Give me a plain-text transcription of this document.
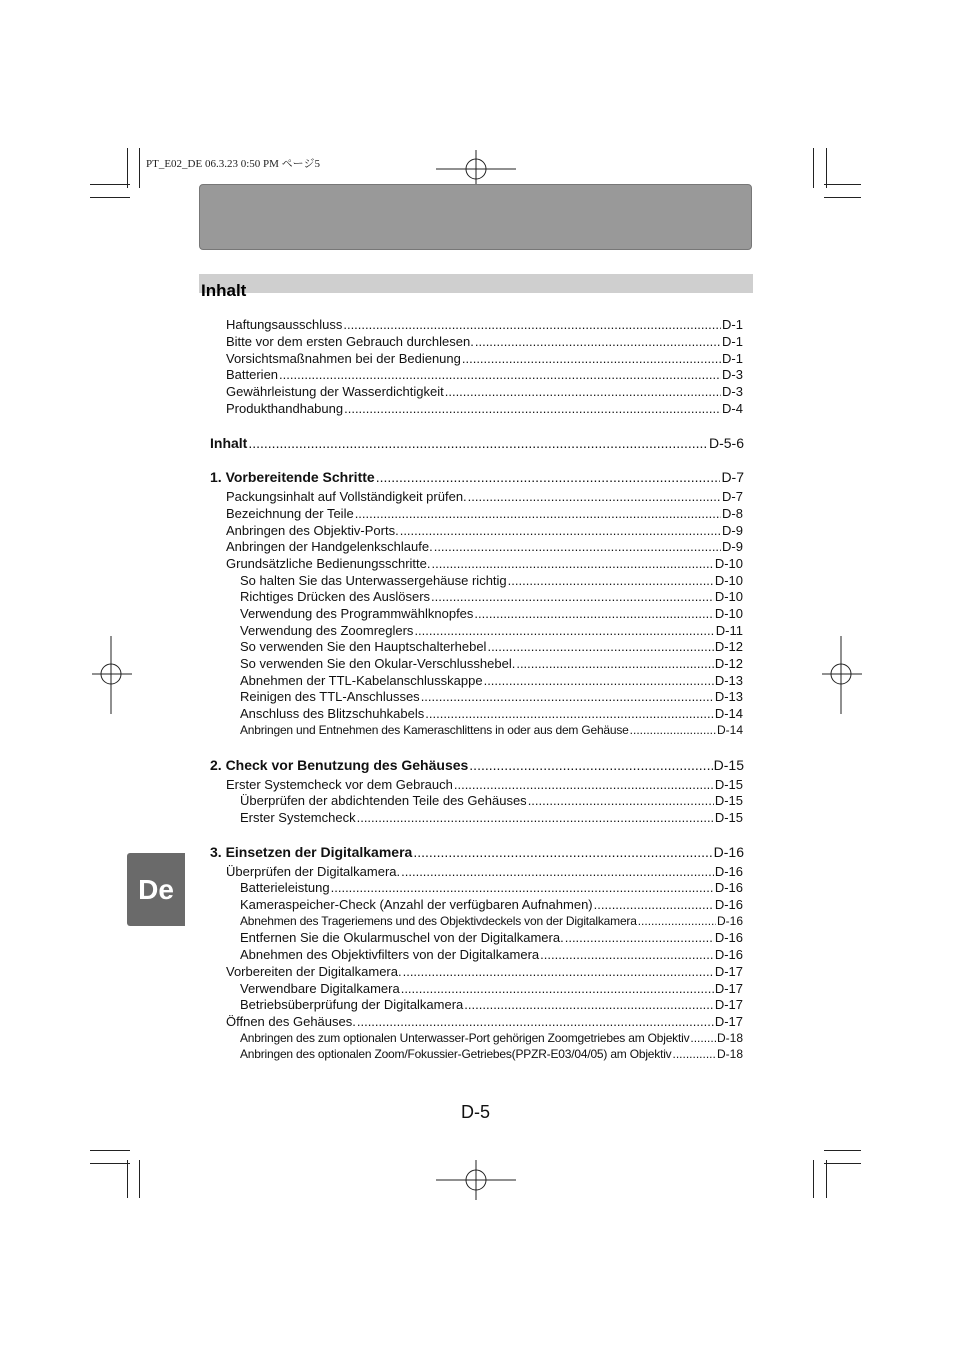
PT_E02_DE 06.3.23 0:50 PM ページ5
Inhalt
De
Haftungsausschluss .....	D-1
Bitte vor dem ersten Gebrauch durchlesen. .....	D-1
Vorsichtsmaßnahmen bei der Bedienung .....	D-1
Batterien .....	D-3
Gewährleistung der Wasserdichtigkeit .....	D-3
Produkthandhabung .....	D-4
Inhalt .....	D-5-6
1. Vorbereitende Schritte .....	D-7
Packungsinhalt auf Vollständigkeit prüfen. .....	D-7
Bezeichnung der Teile .....	D-8
Anbringen des Objektiv-Ports. .....	D-9
Anbringen der Handgelenkschlaufe. .....	D-9
Grundsätzliche Bedienungsschritte. .....	D-10
So halten Sie das Unterwassergehäuse richtig .....	D-10
Richtiges Drücken des Auslösers .....	D-10
Verwendung des Programmwählknopfes .....	D-10
Verwendung des Zoomreglers .....	D-11
So verwenden Sie den Hauptschalterhebel .....	D-12
So verwenden Sie den Okular-Verschlusshebel. .....	D-12
Abnehmen der TTL-Kabelanschlusskappe .....	D-13
Reinigen des TTL-Anschlusses .....	D-13
Anschluss des Blitzschuhkabels .....	D-14
Anbringen und Entnehmen des Kameraschlittens in oder aus dem Gehäuse .....	D-14
2. Check vor Benutzung des Gehäuses .....	D-15
Erster Systemcheck vor dem Gebrauch .....	D-15
Überprüfen der abdichtenden Teile des Gehäuses .....	D-15
Erster Systemcheck .....	D-15
3. Einsetzen der Digitalkamera .....	D-16
Überprüfen der Digitalkamera. .....	D-16
Batterieleistung .....	D-16
Kameraspeicher-Check (Anzahl der verfügbaren Aufnahmen) .....	D-16
Abnehmen des Trageriemens und des Objektivdeckels von der Digitalkamera .....	D-16
Entfernen Sie die Okularmuschel von der Digitalkamera. .....	D-16
Abnehmen des Objektivfilters von der Digitalkamera .....	D-16
Vorbereiten der Digitalkamera. .....	D-17
Verwendbare Digitalkamera .....	D-17
Betriebsüberprüfung der Digitalkamera .....	D-17
Öffnen des Gehäuses. .....	D-17
Anbringen des zum optionalen Unterwasser-Port gehörigen Zoomgetriebes am Objektiv ..... D-18
Anbringen des optionalen Zoom/Fokussier-Getriebes(PPZR-E03/04/05) am Objektiv .....	D-18
D-5
